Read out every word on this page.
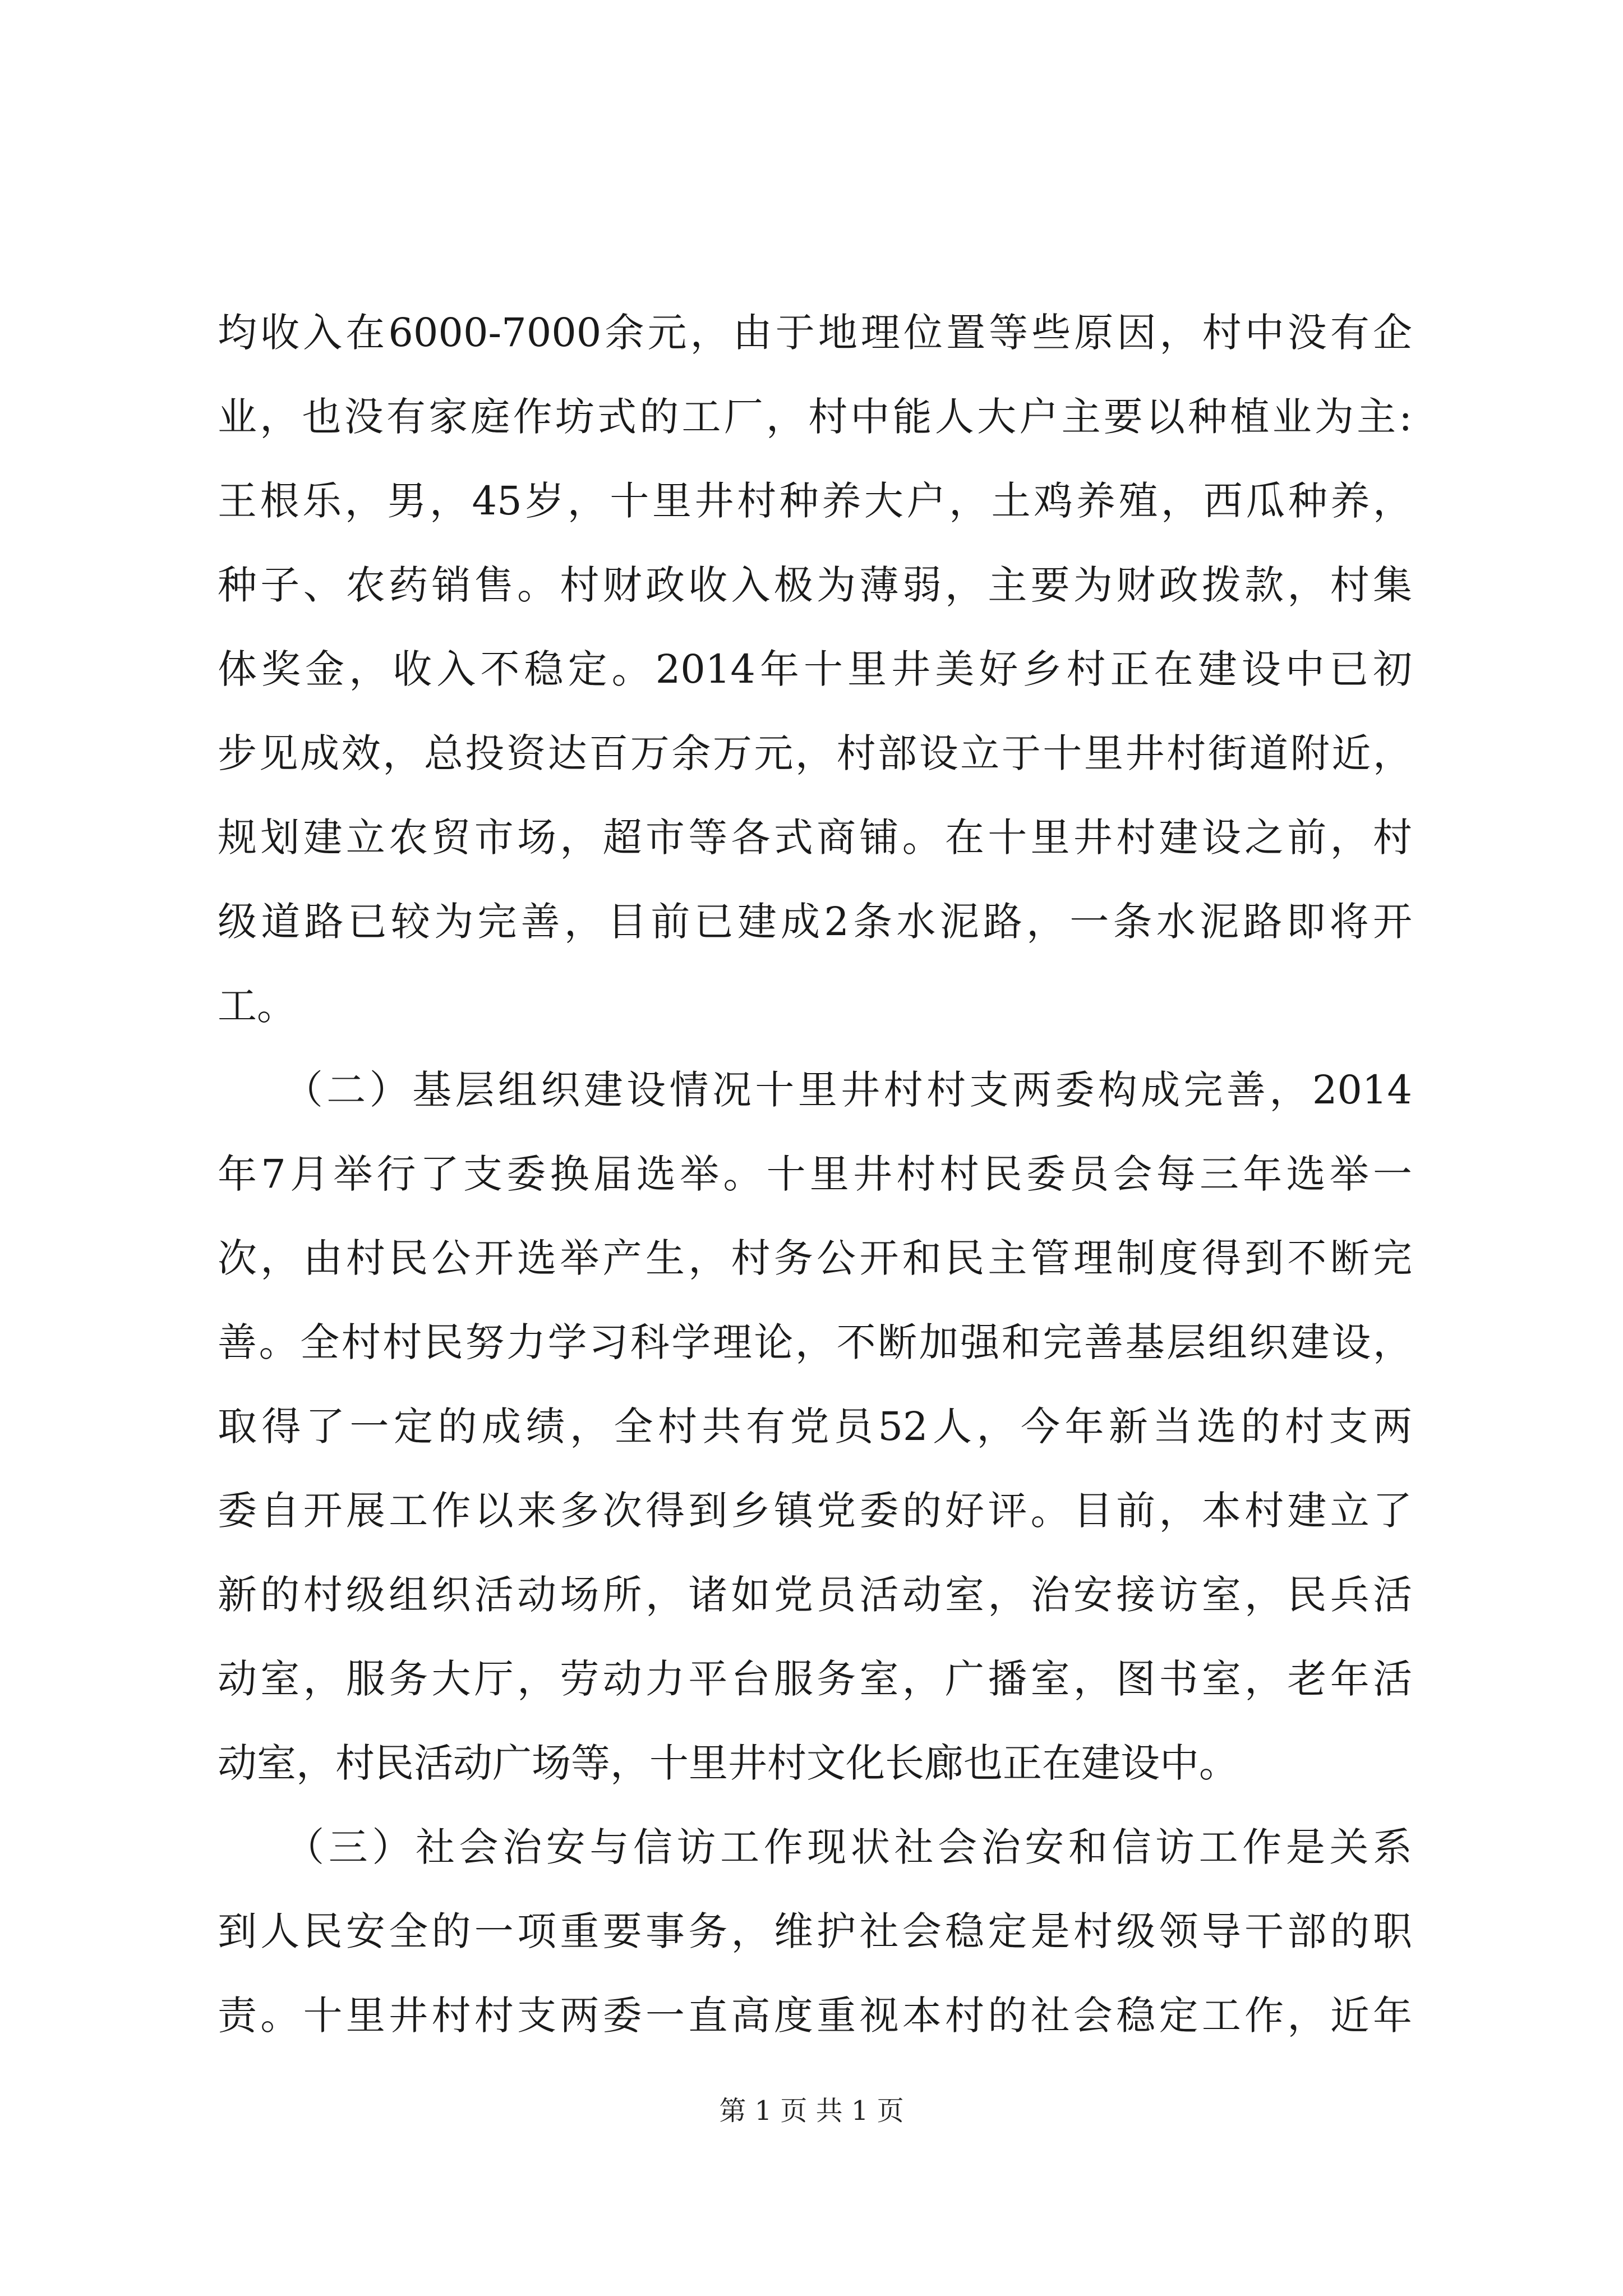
均收入在6000-7000余元，由于地理位置等些原因，村中没有企
业，也没有家庭作坊式的工厂，村中能人大户主要以种植业为主:
王根乐，男，45岁，十里井村种养大户，土鸡养殖，西瓜种养，
种子、农药销售。村财政收入极为薄弱，主要为财政拨款，村集
体奖金，收入不稳定。2014年十里井美好乡村正在建设中已初
步见成效，总投资达百万余万元，村部设立于十里井村街道附近，
规划建立农贸市场，超市等各式商铺。在十里井村建设之前，村
级道路已较为完善，目前已建成2条水泥路，一条水泥路即将开
工。
　　（二）基层组织建设情况十里井村村支两委构成完善，2014
年7月举行了支委换届选举。十里井村村民委员会每三年选举一
次，由村民公开选举产生，村务公开和民主管理制度得到不断完
善。全村村民努力学习科学理论，不断加强和完善基层组织建设，
取得了一定的成绩，全村共有党员52人，今年新当选的村支两
委自开展工作以来多次得到乡镇党委的好评。目前，本村建立了
新的村级组织活动场所，诸如党员活动室，治安接访室，民兵活
动室，服务大厅，劳动力平台服务室，广播室，图书室，老年活
动室，村民活动广场等，十里井村文化长廊也正在建设中。
　　（三）社会治安与信访工作现状社会治安和信访工作是关系
到人民安全的一项重要事务，维护社会稳定是村级领导干部的职
责。十里井村村支两委一直高度重视本村的社会稳定工作，近年
第 1 页 共 1 页
